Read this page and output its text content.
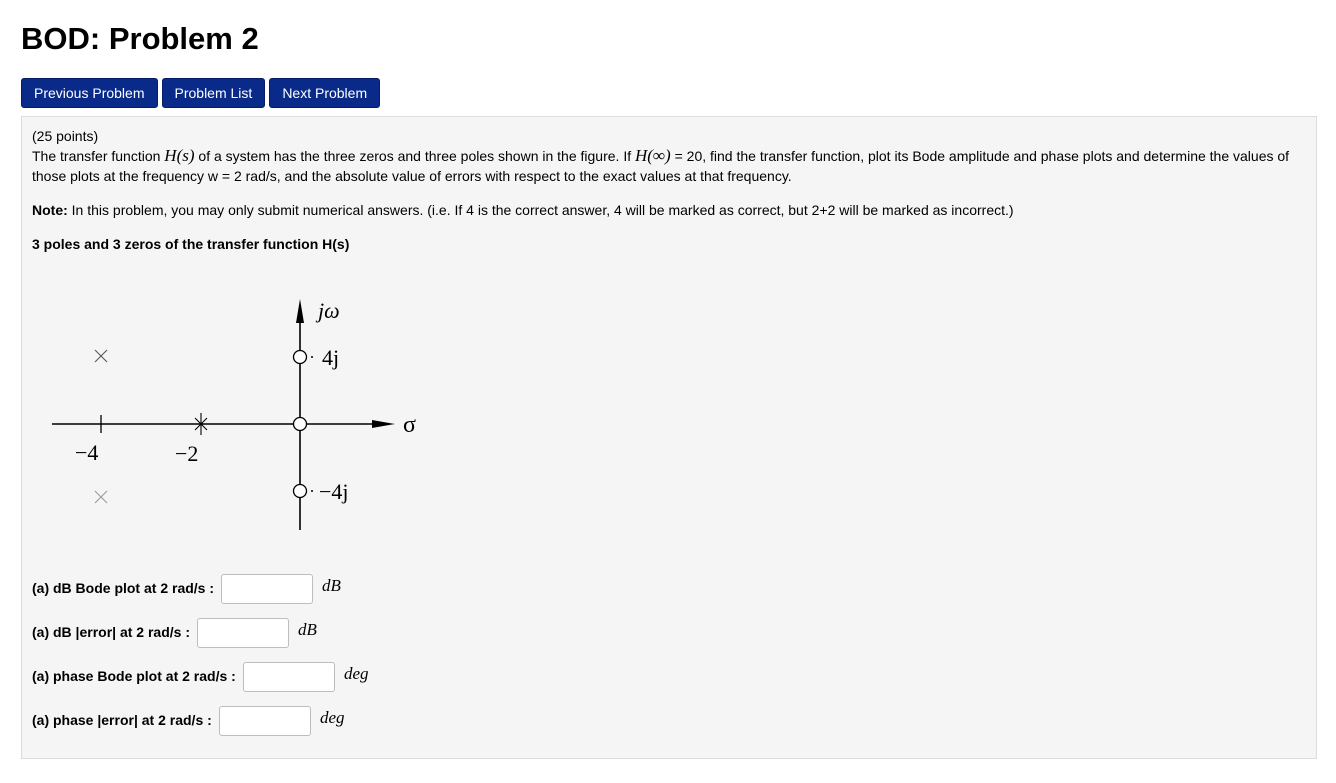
BOD: Problem 2
Previous Problem	Problem List	Next Problem
(25 points)
The transfer function H(s) of a system has the three zeros and three poles shown in the figure. If H(∞) = 20, find the transfer function, plot its Bode amplitude and phase plots and determine the values of
those plots at the frequency w = 2 rad/s, and the absolute value of errors with respect to the exact values at that frequency.
Note: In this problem, you may only submit numerical answers. (i.e. If 4 is the correct answer, 4 will be marked as correct, but 2+2 will be marked as incorrect.)
3 poles and 3 zeros of the transfer function H(s)
jω
σ
4j
−4j
−4	−2
(a) dB Bode plot at 2 rad/s :	dB
(a) dB |error| at 2 rad/s :	dB
(a) phase Bode plot at 2 rad/s :	deg
(a) phase |error| at 2 rad/s :	deg
